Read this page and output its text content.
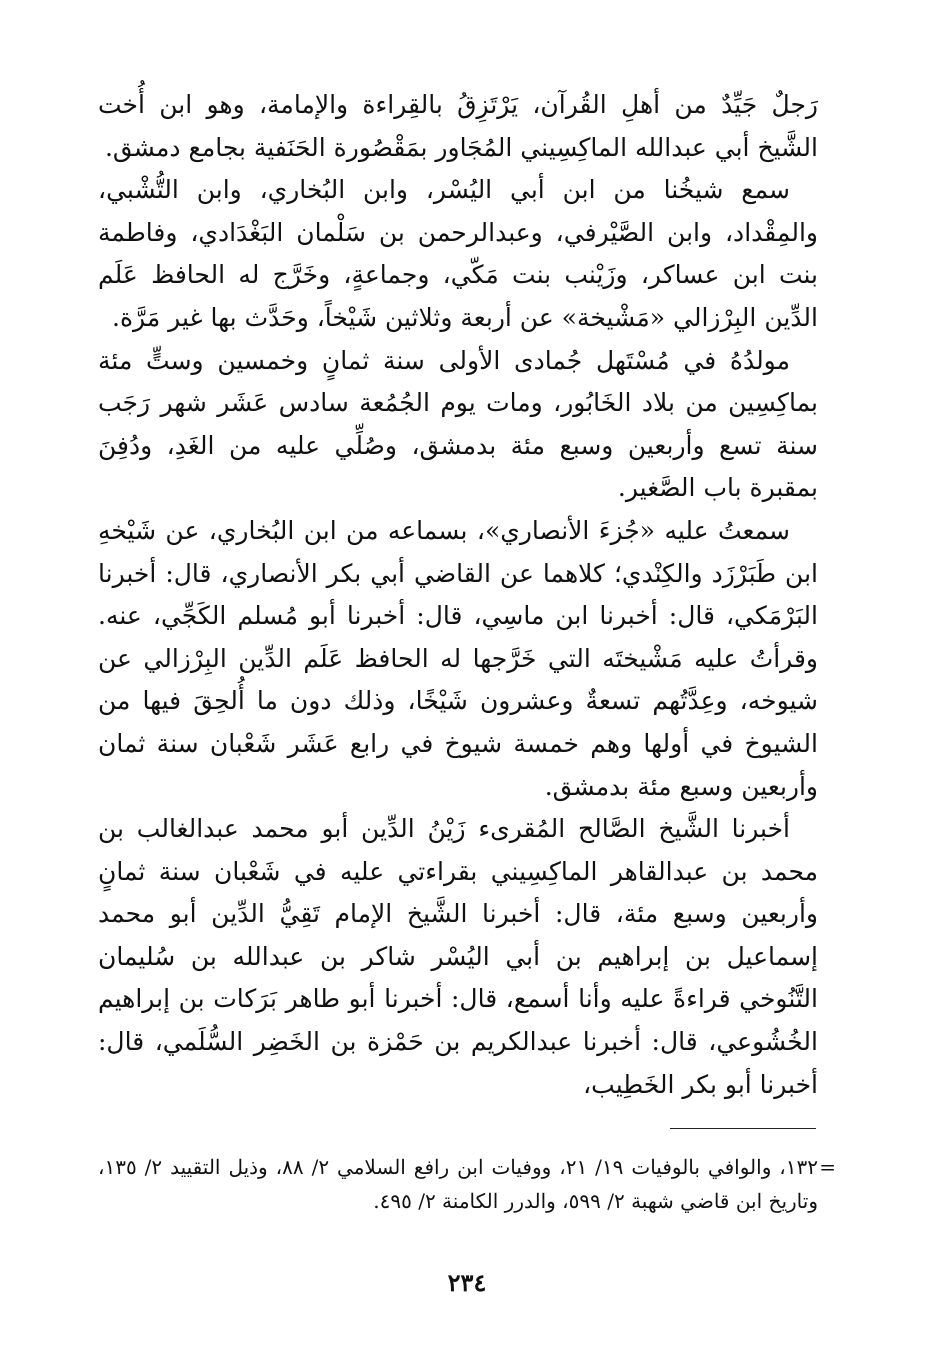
رَجلٌ جَيِّدٌ من أهلِ القُرآن، يَرْتَزِقُ بالقِراءة والإمامة، وهو ابن أُخت الشَّيخ أبي عبدالله الماكِسِيني المُجَاور بمَقْصُورة الحَنَفية بجامع دمشق.

سمع شيخُنا من ابن أبي اليُسْر، وابن البُخاري، وابن التُّشْبي، والمِقْداد، وابن الصَّيْرفي، وعبدالرحمن بن سَلْمان البَغْدَادي، وفاطمة بنت ابن عساكر، وزَيْنب بنت مَكّي، وجماعةٍ، وخَرَّج له الحافظ عَلَم الدِّين البِرْزالي «مَشْيخة» عن أربعة وثلاثين شَيْخاً، وحَدَّث بها غير مَرَّة.

مولدُهُ في مُسْتَهل جُمادى الأولى سنة ثمانٍ وخمسين وستٍّ مئة بماكِسِين من بلاد الخَابُور، ومات يوم الجُمُعة سادس عَشَر شهر رَجَب سنة تسع وأربعين وسبع مئة بدمشق، وصُلِّي عليه من الغَدِ، ودُفِنَ بمقبرة باب الصَّغير.

سمعتُ عليه «جُزءَ الأنصاري»، بسماعه من ابن البُخاري، عن شَيْخهِ ابن طَبَرْزَد والكِنْدي؛ كلاهما عن القاضي أبي بكر الأنصاري، قال: أخبرنا البَرْمَكي، قال: أخبرنا ابن ماسِي، قال: أخبرنا أبو مُسلم الكَجِّي، عنه. وقرأتُ عليه مَشْيختَه التي خَرَّجها له الحافظ عَلَم الدِّين البِرْزالي عن شيوخه، وعِدَّتُهم تسعةٌ وعشرون شَيْخًا، وذلك دون ما أُلحِقَ فيها من الشيوخ في أولها وهم خمسة شيوخ في رابع عَشَر شَعْبان سنة ثمان وأربعين وسبع مئة بدمشق.

أخبرنا الشَّيخ الصَّالح المُقرىء زَيْنُ الدِّين أبو محمد عبدالغالب بن محمد بن عبدالقاهر الماكِسِيني بقراءتي عليه في شَعْبان سنة ثمانٍ وأربعين وسبع مئة، قال: أخبرنا الشَّيخ الإمام تَقِيُّ الدِّين أبو محمد إسماعيل بن إبراهيم بن أبي اليُسْر شاكر بن عبدالله بن سُليمان التَّنُوخي قراءةً عليه وأنا أسمع، قال: أخبرنا أبو طاهر بَرَكات بن إبراهيم الخُشُوعي، قال: أخبرنا عبدالكريم بن حَمْزة بن الخَضِر السُّلَمي، قال: أخبرنا أبو بكر الخَطِيب،

=
١٣٢، والوافي بالوفيات ١٩/ ٢١، ووفيات ابن رافع السلامي ٢/ ٨٨، وذيل التقييد ٢/ ١٣٥، وتاريخ ابن قاضي شهبة ٢/ ٥٩٩، والدرر الكامنة ٢/ ٤٩٥.
٢٣٤
